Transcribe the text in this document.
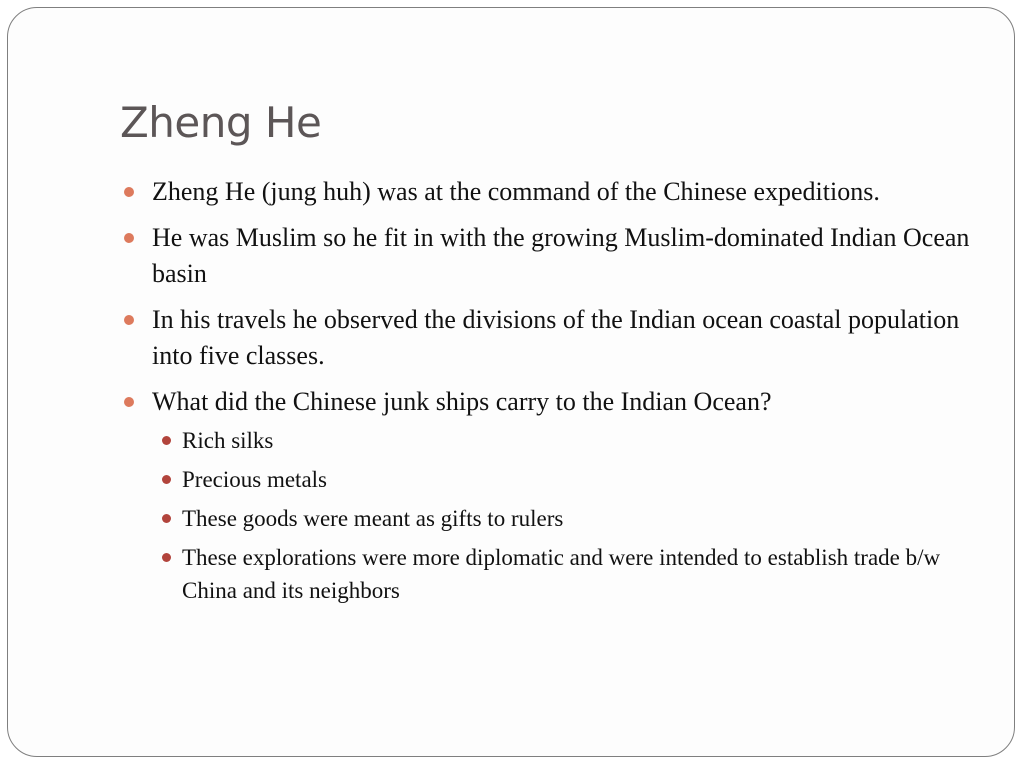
Zheng He
Zheng He (jung huh) was at the command of the Chinese expeditions.
He was Muslim so he fit in with the growing Muslim-dominated Indian Ocean basin
In his travels he observed the divisions of the Indian ocean coastal population into five classes.
What did the Chinese junk ships carry to the Indian Ocean?
Rich silks
Precious metals
These goods were meant as gifts to rulers
These explorations were more diplomatic and were intended to establish trade b/w China and its neighbors
